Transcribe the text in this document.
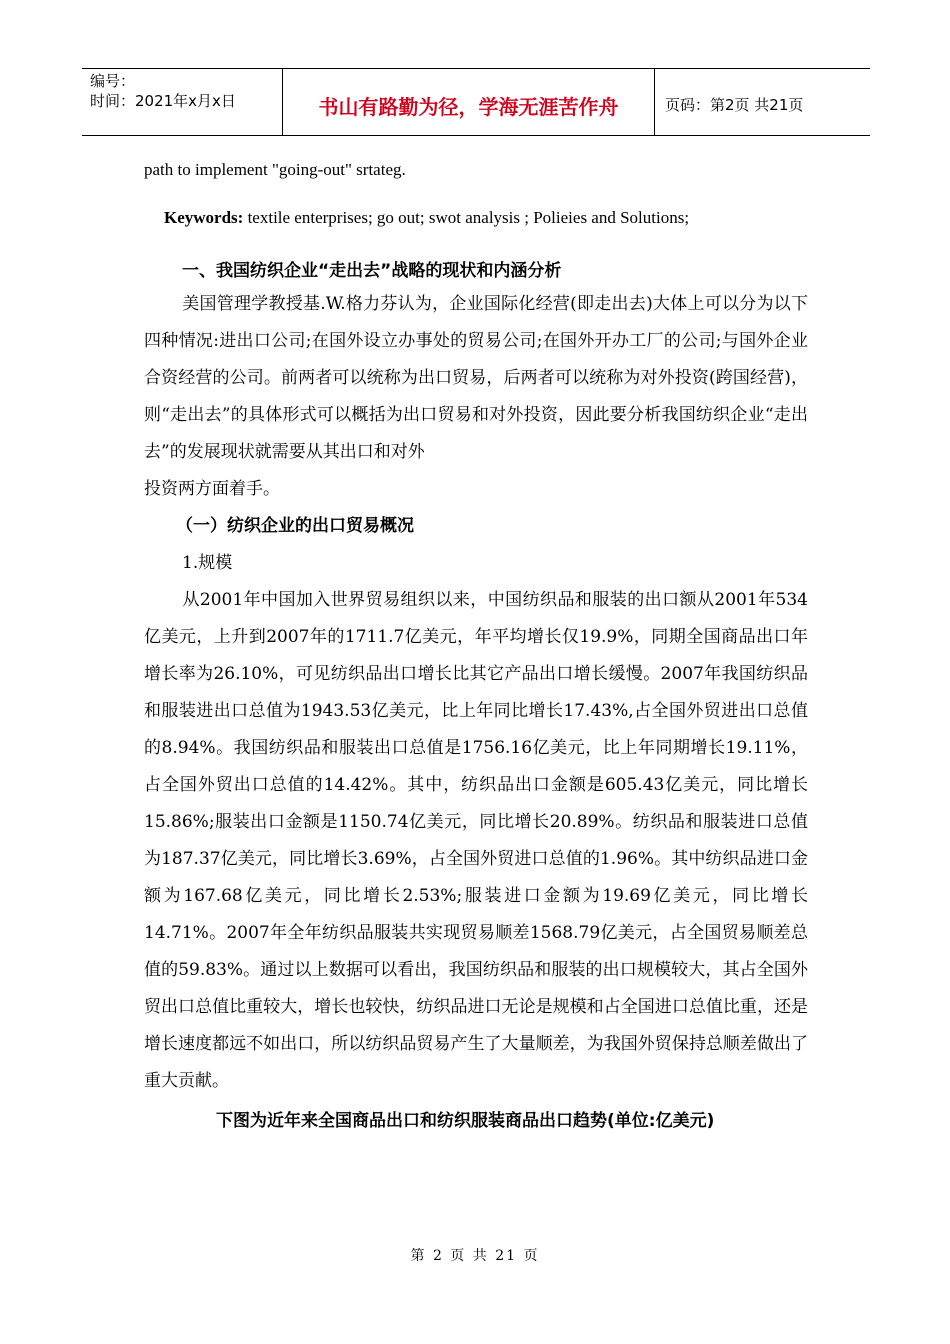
编号：
时间：2021年x月x日	书山有路勤为径，学海无涯苦作舟	页码：第2页 共21页

path to implement "going-out" srtateg.

Keywords: textile enterprises; go out; swot analysis ; Polieies and Solutions;

一、我国纺织企业“走出去”战略的现状和内涵分析

美国管理学教授基.W.格力芬认为，企业国际化经营(即走出去)大体上可以分为以下四种情况:进出口公司;在国外设立办事处的贸易公司;在国外开办工厂的公司;与国外企业合资经营的公司。前两者可以统称为出口贸易，后两者可以统称为对外投资(跨国经营)，则“走出去”的具体形式可以概括为出口贸易和对外投资，因此要分析我国纺织企业“走出去”的发展现状就需要从其出口和对外

投资两方面着手。

（一）纺织企业的出口贸易概况
1.规模

从2001年中国加入世界贸易组织以来，中国纺织品和服装的出口额从2001年534亿美元，上升到2007年的1711.7亿美元，年平均增长仅19.9%，同期全国商品出口年增长率为26.10%，可见纺织品出口增长比其它产品出口增长缓慢。2007年我国纺织品和服装进出口总值为1943.53亿美元，比上年同比增长17.43%,占全国外贸进出口总值的8.94%。我国纺织品和服装出口总值是1756.16亿美元，比上年同期增长19.11%，占全国外贸出口总值的14.42%。其中，纺织品出口金额是605.43亿美元，同比增长15.86%;服装出口金额是1150.74亿美元，同比增长20.89%。纺织品和服装进口总值为187.37亿美元，同比增长3.69%，占全国外贸进口总值的1.96%。其中纺织品进口金额为167.68亿美元，同比增长2.53%;服装进口金额为19.69亿美元，同比增长14.71%。2007年全年纺织品服装共实现贸易顺差1568.79亿美元，占全国贸易顺差总值的59.83%。通过以上数据可以看出，我国纺织品和服装的出口规模较大，其占全国外贸出口总值比重较大，增长也较快，纺织品进口无论是规模和占全国进口总值比重，还是增长速度都远不如出口，所以纺织品贸易产生了大量顺差，为我国外贸保持总顺差做出了重大贡献。

下图为近年来全国商品出口和纺织服装商品出口趋势(单位:亿美元)
第 2 页 共 21 页
